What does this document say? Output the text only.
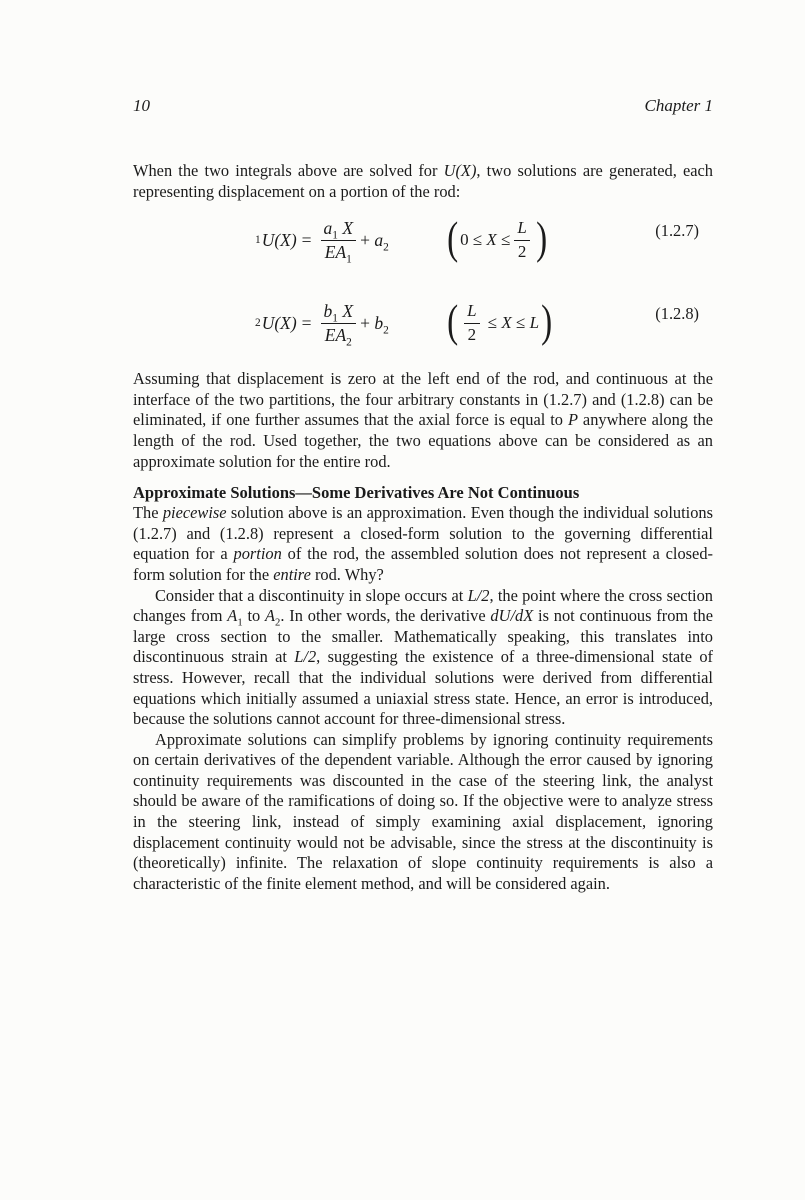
10	Chapter 1

When the two integrals above are solved for U(X), two solutions are generated, each representing displacement on a portion of the rod:

1 $U(X) = \frac{a_1 X}{EA_1} + a_2$ ( $0 \le X \le \frac{L}{2}$ )	(1.2.7)
2 $U(X) = \frac{b_1 X}{EA_2} + b_2$ ( $\frac{L}{2} \le X \le L$ )	(1.2.8)

Assuming that displacement is zero at the left end of the rod, and continuous at the interface of the two partitions, the four arbitrary constants in (1.2.7) and (1.2.8) can be eliminated, if one further assumes that the axial force is equal to P anywhere along the length of the rod. Used together, the two equations above can be considered as an approximate solution for the entire rod.

Approximate Solutions—Some Derivatives Are Not Continuous

The piecewise solution above is an approximation. Even though the individual solutions (1.2.7) and (1.2.8) represent a closed-form solution to the governing differential equation for a portion of the rod, the assembled solution does not represent a closed-form solution for the entire rod. Why?

Consider that a discontinuity in slope occurs at L/2, the point where the cross section changes from $A_1$ to $A_2$. In other words, the derivative dU/dX is not continuous from the large cross section to the smaller. Mathematically speaking, this translates into discontinuous strain at L/2, suggesting the existence of a three-dimensional state of stress. However, recall that the individual solutions were derived from differential equations which initially assumed a uniaxial stress state. Hence, an error is introduced, because the solutions cannot account for three-dimensional stress.

Approximate solutions can simplify problems by ignoring continuity requirements on certain derivatives of the dependent variable. Although the error caused by ignoring continuity requirements was discounted in the case of the steering link, the analyst should be aware of the ramifications of doing so. If the objective were to analyze stress in the steering link, instead of simply examining axial displacement, ignoring displacement continuity would not be advisable, since the stress at the discontinuity is (theoretically) infinite. The relaxation of slope continuity requirements is also a characteristic of the finite element method, and will be considered again.
